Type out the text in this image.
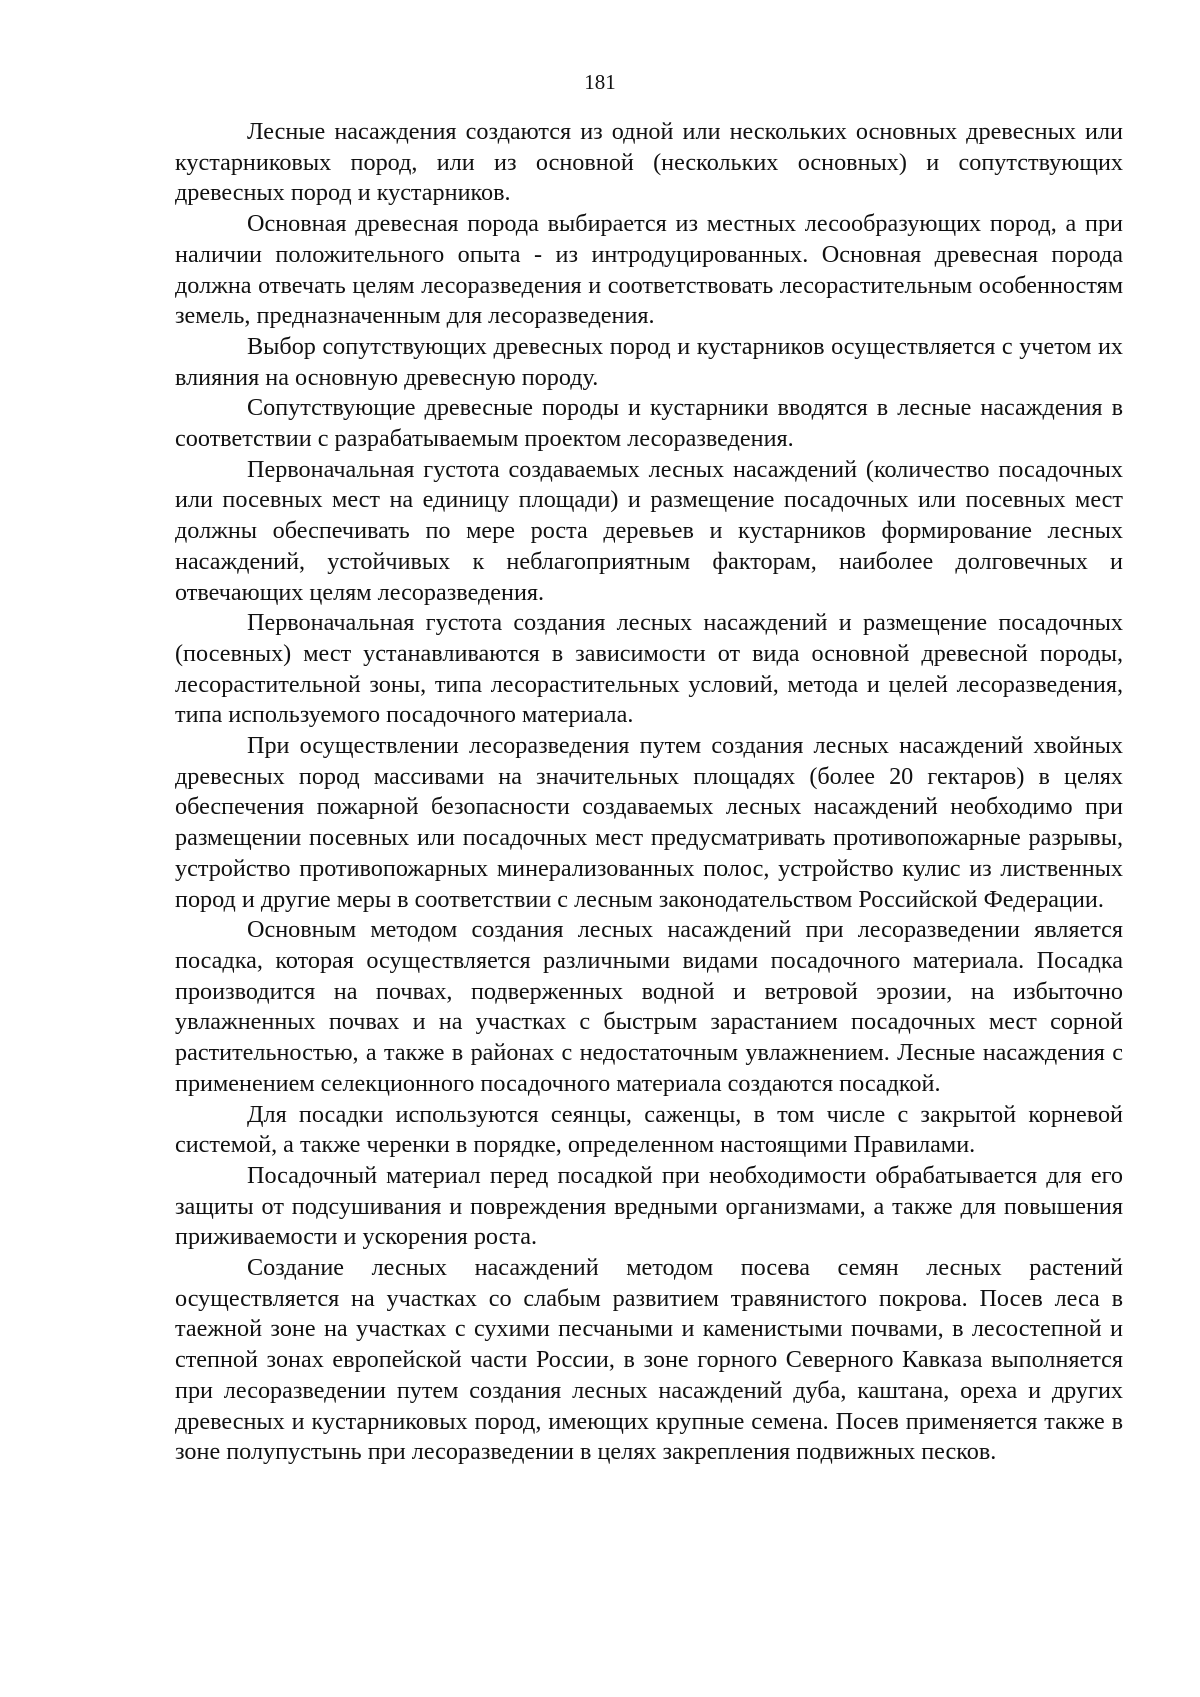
181

Лесные насаждения создаются из одной или нескольких основных древесных или кустарниковых пород, или из основной (нескольких основных) и сопутствующих древесных пород и кустарников.

Основная древесная порода выбирается из местных лесообразующих пород, а при наличии положительного опыта - из интродуцированных. Основная древесная порода должна отвечать целям лесоразведения и соответствовать лесорастительным особенностям земель, предназначенным для лесоразведения.

Выбор сопутствующих древесных пород и кустарников осуществляется с учетом их влияния на основную древесную породу.

Сопутствующие древесные породы и кустарники вводятся в лесные насаждения в соответствии с разрабатываемым проектом лесоразведения.

Первоначальная густота создаваемых лесных насаждений (количество посадочных или посевных мест на единицу площади) и размещение посадочных или посевных мест должны обеспечивать по мере роста деревьев и кустарников формирование лесных насаждений, устойчивых к неблагоприятным факторам, наиболее долговечных и отвечающих целям лесоразведения.

Первоначальная густота создания лесных насаждений и размещение посадочных (посевных) мест устанавливаются в зависимости от вида основной древесной породы, лесорастительной зоны, типа лесорастительных условий, метода и целей лесоразведения, типа используемого посадочного материала.

При осуществлении лесоразведения путем создания лесных насаждений хвойных древесных пород массивами на значительных площадях (более 20 гектаров) в целях обеспечения пожарной безопасности создаваемых лесных насаждений необходимо при размещении посевных или посадочных мест предусматривать противопожарные разрывы, устройство противопожарных минерализованных полос, устройство кулис из лиственных пород и другие меры в соответствии с лесным законодательством Российской Федерации.

Основным методом создания лесных насаждений при лесоразведении является посадка, которая осуществляется различными видами посадочного материала. Посадка производится на почвах, подверженных водной и ветровой эрозии, на избыточно увлажненных почвах и на участках с быстрым зарастанием посадочных мест сорной растительностью, а также в районах с недостаточным увлажнением. Лесные насаждения с применением селекционного посадочного материала создаются посадкой.

Для посадки используются сеянцы, саженцы, в том числе с закрытой корневой системой, а также черенки в порядке, определенном настоящими Правилами.

Посадочный материал перед посадкой при необходимости обрабатывается для его защиты от подсушивания и повреждения вредными организмами, а также для повышения приживаемости и ускорения роста.

Создание лесных насаждений методом посева семян лесных растений осуществляется на участках со слабым развитием травянистого покрова. Посев леса в таежной зоне на участках с сухими песчаными и каменистыми почвами, в лесостепной и степной зонах европейской части России, в зоне горного Северного Кавказа выполняется при лесоразведении путем создания лесных насаждений дуба, каштана, ореха и других древесных и кустарниковых пород, имеющих крупные семена. Посев применяется также в зоне полупустынь при лесоразведении в целях закрепления подвижных песков.
